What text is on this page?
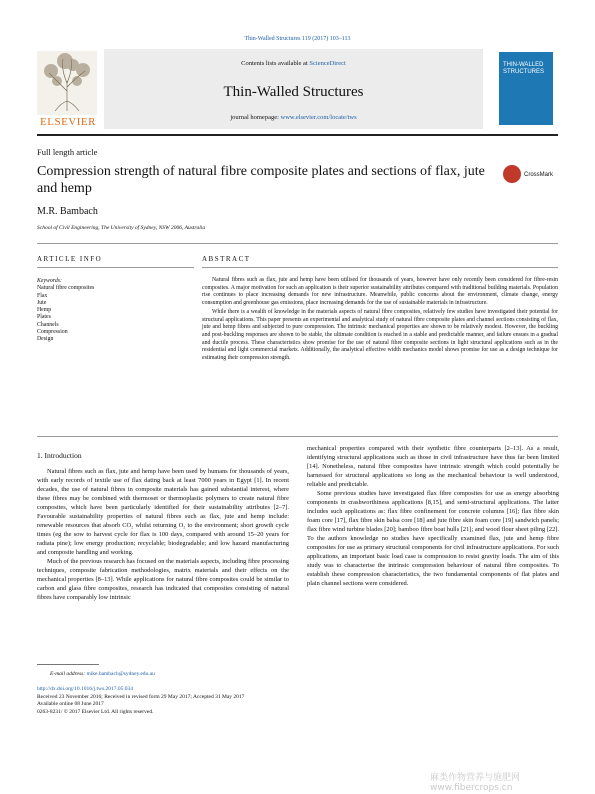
Thin-Walled Structures 119 (2017) 103–113
Contents lists available at ScienceDirect
Thin-Walled Structures
journal homepage: www.elsevier.com/locate/tws
ELSEVIER
THIN-WALLED STRUCTURES
Full length article
Compression strength of natural fibre composite plates and sections of flax, jute and hemp
CrossMark
M.R. Bambach
School of Civil Engineering, The University of Sydney, NSW 2006, Australia
ARTICLE INFO	ABSTRACT
Keywords:
Natural fibre composites
Flax
Jute
Hemp
Plates
Channels
Compression
Design

Natural fibres such as flax, jute and hemp have been utilised for thousands of years, however have only recently been considered for fibre-resin composites. A major motivation for such an application is their superior sustainability attributes compared with traditional building materials. Population rise continues to place increasing demands for new infrastructure. Meanwhile, public concerns about the environment, climate change, energy consumption and greenhouse gas emissions, place increasing demands for the use of sustainable materials in infrastructure.

While there is a wealth of knowledge in the materials aspects of natural fibre composites, relatively few studies have investigated their potential for structural applications. This paper presents an experimental and analytical study of natural fibre composite plates and channel sections consisting of flax, jute and hemp fibres and subjected to pure compression. The intrinsic mechanical properties are shown to be relatively modest. However, the buckling and post-buckling responses are shown to be stable, the ultimate condition is reached in a stable and predictable manner, and failure ensues in a gradual and ductile process. These characteristics show promise for the use of natural fibre composite sections in light structural applications such as in the residential and light commercial markets. Additionally, the analytical effective width mechanics model shows promise for use as a design technique for estimating their compression strength.

1. Introduction

Natural fibres such as flax, jute and hemp have been used by humans for thousands of years, with early records of textile use of flax dating back at least 7000 years in Egypt [1]. In recent decades, the use of natural fibres in composite materials has gained substantial interest, where these fibres may be combined with thermoset or thermoplastic polymers to create natural fibre composites, which have been particularly identified for their sustainability attributes [2–7]. Favourable sustainability properties of natural fibres such as flax, jute and hemp include: renewable resources that absorb CO₂ whilst returning O₂ to the environment; short growth cycle times (eg the sow to harvest cycle for flax is 100 days, compared with around 15–20 years for radiata pine); low energy production; recyclable; biodegradable; and low hazard manufacturing and composite handling and working.

Much of the previous research has focused on the materials aspects, including fibre processing techniques, composite fabrication methodologies, matrix materials and their effects on the mechanical properties [8–13]. While applications for natural fibre composites could be similar to carbon and glass fibre composites, research has indicated that composites consisting of natural fibres have comparably low intrinsic

mechanical properties compared with their synthetic fibre counterparts [2–13]. As a result, identifying structural applications such as those in civil infrastructure have thus far been limited [14]. Nonetheless, natural fibre composites have intrinsic strength which could potentially be harnessed for structural applications so long as the mechanical behaviour is well understood, reliable and predictable.

Some previous studies have investigated flax fibre composites for use as energy absorbing components in crashworthiness applications [8,15], and semi-structural applications. The latter includes such applications as: flax fibre confinement for concrete columns [16]; flax fibre skin foam core [17], flax fibre skin balsa core [18] and jute fibre skin foam core [19] sandwich panels; flax fibre wind turbine blades [20]; bamboo fibre boat hulls [21]; and wood flour sheet piling [22]. To the authors knowledge no studies have specifically examined flax, jute and hemp fibre composites for use as primary structural components for civil infrastructure applications. For such applications, an important basic load case is compression to resist gravity loads. The aim of this study was to characterise the intrinsic compression behaviour of natural fibre composites. To establish these compression characteristics, the two fundamental components of flat plates and plain channel sections were considered.

E-mail address: mike.bambach@sydney.edu.au
http://dx.doi.org/10.1016/j.tws.2017.05.034
Received 23 November 2016; Received in revised form 29 May 2017; Accepted 31 May 2017
Available online 08 June 2017
0263-8231/ © 2017 Elsevier Ltd. All rights reserved.
麻类作物营养与施肥网 www.fibercrops.cn
